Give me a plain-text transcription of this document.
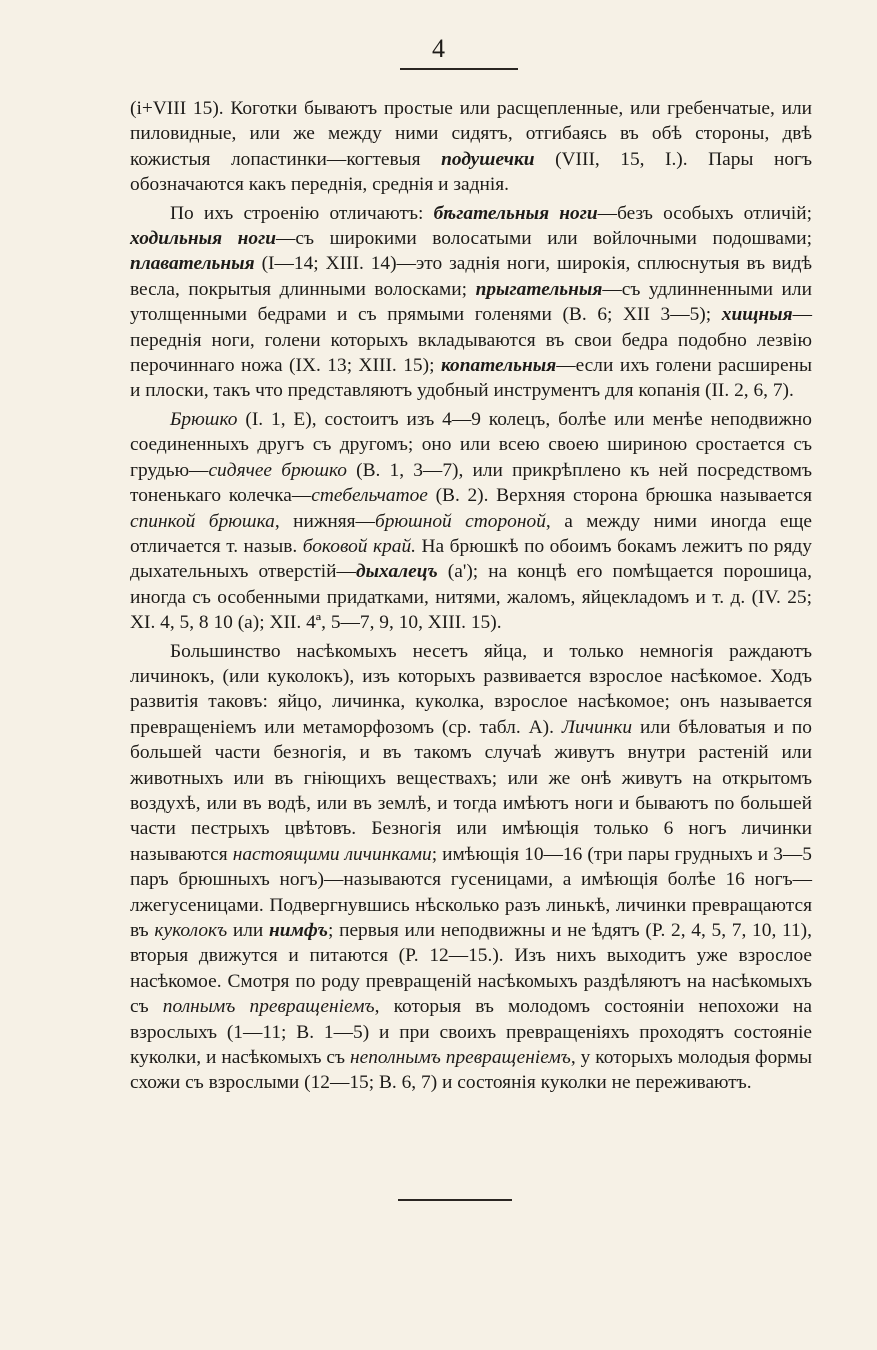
4

(i+VIII 15). Коготки бываютъ простые или расщепленные, или гребенчатые, или пиловидные, или же между ними сидятъ, отгибаясь въ обѣ стороны, двѣ кожистыя лопастинки—когтевыя подушечки (VIII, 15, I.). Пары ногъ обозначаются какъ переднія, среднія и заднія.

По ихъ строенію отличаютъ: бѣгательныя ноги—безъ особыхъ отличій; ходильныя ноги—съ широкими волосатыми или войлочными подошвами; плавательныя (I—14; XIII. 14)—это заднія ноги, широкія, сплюснутыя въ видѣ весла, покрытыя длинными волосками; прыгательныя—съ удлинненными или утолщенными бедрами и съ прямыми голенями (B. 6; XII 3—5); хищныя—переднія ноги, голени которыхъ вкладываются въ свои бедра подобно лезвію перочиннаго ножа (IX. 13; XIII. 15); копательныя—если ихъ голени расширены и плоски, такъ что представляютъ удобный инструментъ для копанія (II. 2, 6, 7).

Брюшко (I. 1, E), состоитъ изъ 4—9 колецъ, болѣе или менѣе неподвижно соединенныхъ другъ съ другомъ; оно или всею своею шириною сростается съ грудью—сидячее брюшко (B. 1, 3—7), или прикрѣплено къ ней посредствомъ тоненькаго колечка—стебельчатое (B. 2). Верхняя сторона брюшка называется спинкой брюшка, нижняя—брюшной стороной, а между ними иногда еще отличается т. назыв. боковой край. На брюшкѣ по обоимъ бокамъ лежитъ по ряду дыхательныхъ отверстій—дыхалецъ (a'); на концѣ его помѣщается порошица, иногда съ особенными придатками, нитями, жаломъ, яйцекладомъ и т. д. (IV. 25; XI. 4, 5, 8 10 (a); XII. 4ª, 5—7, 9, 10, XIII. 15).

Большинство насѣкомыхъ несетъ яйца, и только немногія раждаютъ личинокъ, (или куколокъ), изъ которыхъ развивается взрослое насѣкомое. Ходъ развитія таковъ: яйцо, личинка, куколка, взрослое насѣкомое; онъ называется превращеніемъ или метаморфозомъ (ср. табл. A). Личинки или бѣловатыя и по большей части безногія, и въ такомъ случаѣ живутъ внутри растеній или животныхъ или въ гніющихъ веществахъ; или же онѣ живутъ на открытомъ воздухѣ, или въ водѣ, или въ землѣ, и тогда имѣютъ ноги и бываютъ по большей части пестрыхъ цвѣтовъ. Безногія или имѣющія только 6 ногъ личинки называются настоящими личинками; имѣющія 10—16 (три пары грудныхъ и 3—5 паръ брюшныхъ ногъ)—называются гусеницами, а имѣющія болѣе 16 ногъ—лжегусеницами. Подвергнувшись нѣсколько разъ линькѣ, личинки превращаются въ куколокъ или нимфъ; первыя или неподвижны и не ѣдятъ (P. 2, 4, 5, 7, 10, 11), вторыя движутся и питаются (P. 12—15.). Изъ нихъ выходитъ уже взрослое насѣкомое. Смотря по роду превращеній насѣкомыхъ раздѣляютъ на насѣкомыхъ съ полнымъ превращеніемъ, которыя въ молодомъ состояніи непохожи на взрослыхъ (1—11; B. 1—5) и при своихъ превращеніяхъ проходятъ состояніе куколки, и насѣкомыхъ съ неполнымъ превращеніемъ, у которыхъ молодыя формы схожи съ взрослыми (12—15; B. 6, 7) и состоянія куколки не переживаютъ.
